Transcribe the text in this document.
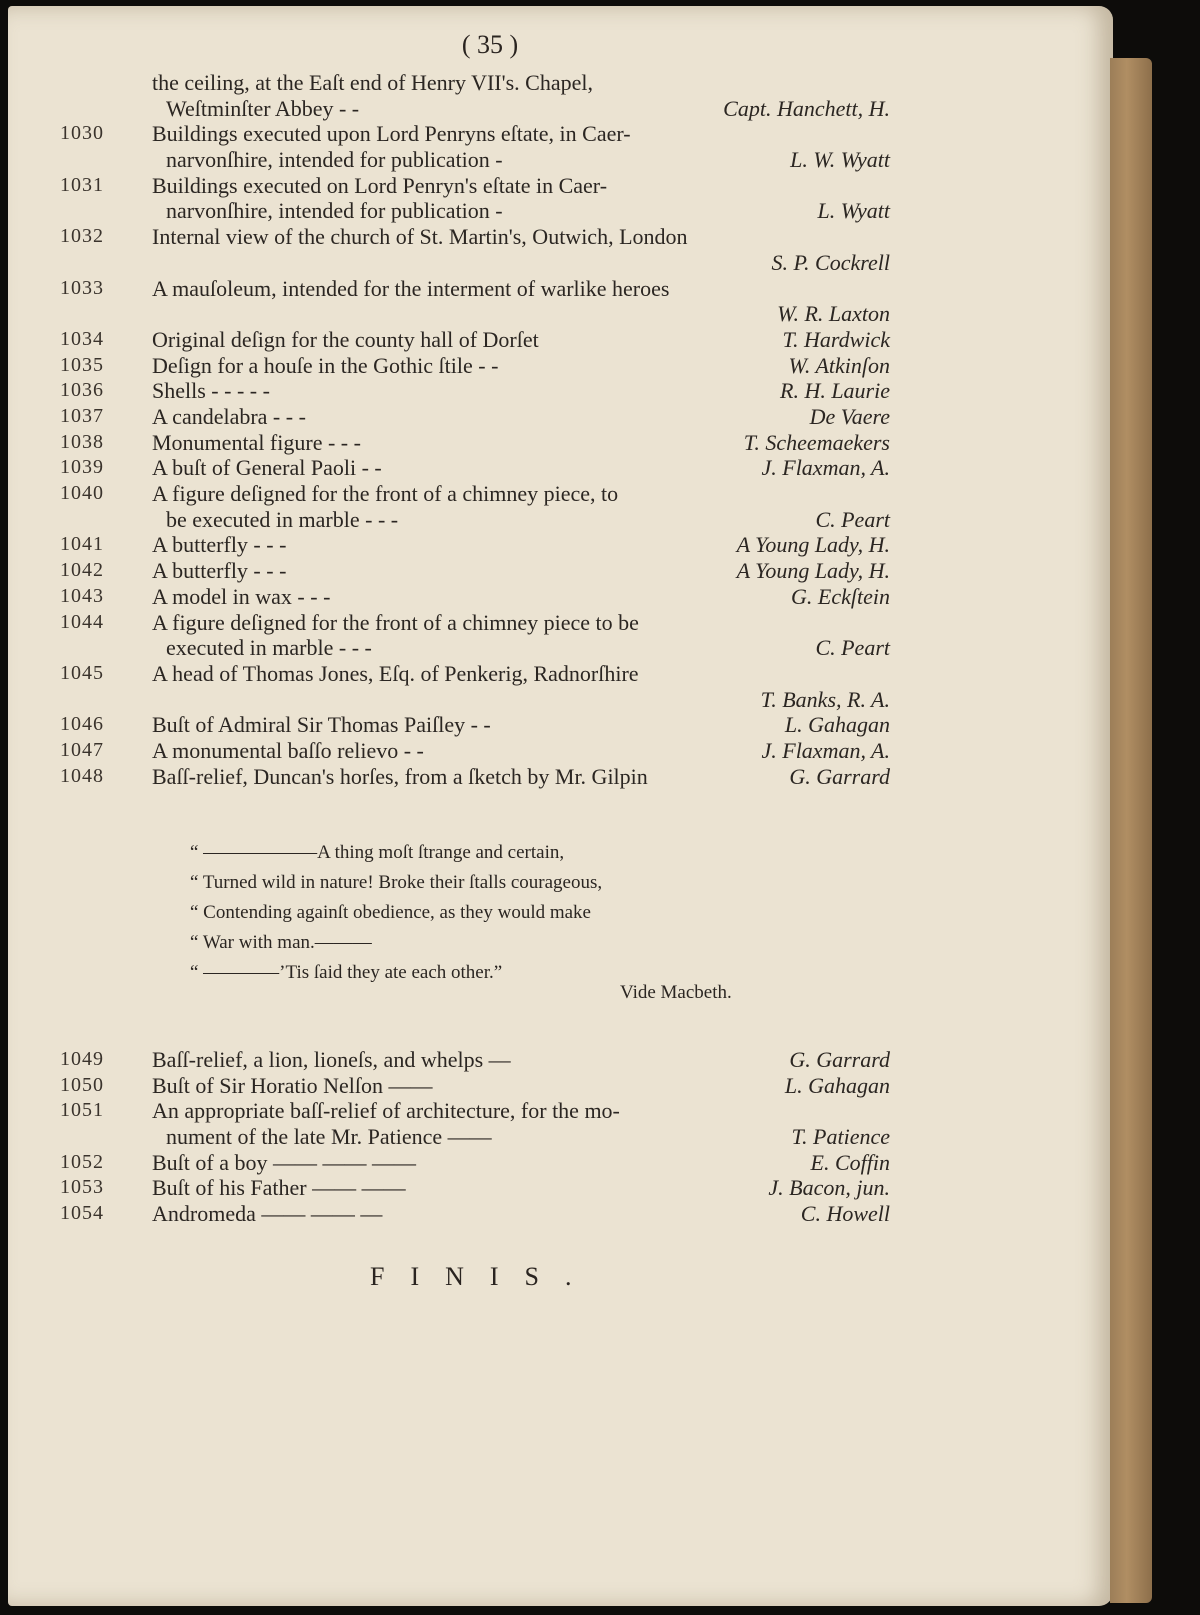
( 35 )
the ceiling, at the Eaſt end of Henry VII's. Chapel,
Weſtminſter Abbey - -	Capt. Hanchett, H.
1030	Buildings executed upon Lord Penryns eſtate, in Caer-
narvonſhire, intended for publication -	L. W. Wyatt
1031	Buildings executed on Lord Penryn's eſtate in Caer-
narvonſhire, intended for publication -	L. Wyatt
1032	Internal view of the church of St. Martin's, Outwich, London
S. P. Cockrell
1033	A mauſoleum, intended for the interment of warlike heroes
W. R. Laxton
1034	Original deſign for the county hall of Dorſet	T. Hardwick
1035	Deſign for a houſe in the Gothic ſtile - -	W. Atkinſon
1036	Shells - - - - -	R. H. Laurie
1037	A candelabra - - -	De Vaere
1038	Monumental figure - - -	T. Scheemaekers
1039	A buſt of General Paoli - -	J. Flaxman, A.
1040	A figure deſigned for the front of a chimney piece, to
be executed in marble - - -	C. Peart
1041	A butterfly - - -	A Young Lady, H.
1042	A butterfly - - -	A Young Lady, H.
1043	A model in wax - - -	G. Eckſtein
1044	A figure deſigned for the front of a chimney piece to be
executed in marble - - -	C. Peart
1045	A head of Thomas Jones, Eſq. of Penkerig, Radnorſhire
T. Banks, R. A.
1046	Buſt of Admiral Sir Thomas Paiſley - -	L. Gahagan
1047	A monumental baſſo relievo - -	J. Flaxman, A.
1048	Baſſ-relief, Duncan's horſes, from a ſketch by Mr. Gilpin	G. Garrard
“ ——————A thing moſt ſtrange and certain,
“ Turned wild in nature! Broke their ſtalls courageous,
“ Contending againſt obedience, as they would make
“ War with man.———
“ ————’Tis ſaid they ate each other.”
Vide Macbeth.
1049	Baſſ-relief, a lion, lioneſs, and whelps —	G. Garrard
1050	Buſt of Sir Horatio Nelſon ——	L. Gahagan
1051	An appropriate baſſ-relief of architecture, for the mo-
nument of the late Mr. Patience ——	T. Patience
1052	Buſt of a boy —— —— ——	E. Coffin
1053	Buſt of his Father —— ——	J. Bacon, jun.
1054	Andromeda —— —— —	C. Howell
FINIS.
